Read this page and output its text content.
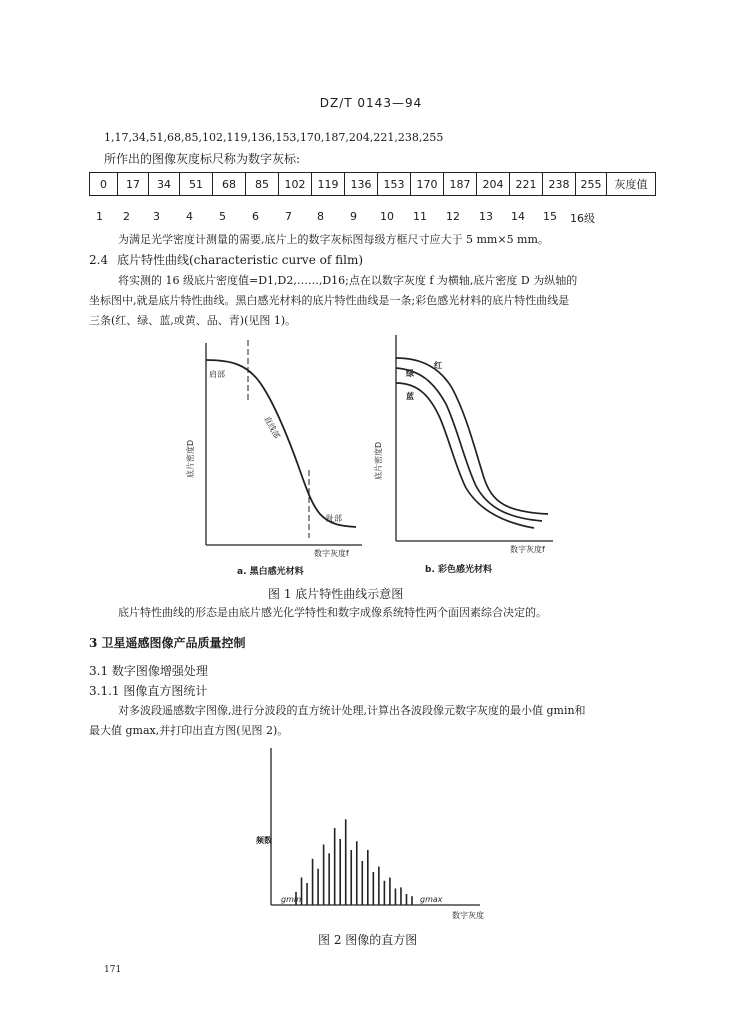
DZ/T 0143—94
1,17,34,51,68,85,102,119,136,153,170,187,204,221,238,255
所作出的图像灰度标尺称为数字灰标:
0	17	34	51	68	85	102	119	136	153	170	187	204	221	238	255	灰度值
1 2 3 4 5 6 7 8 9 10 11 12 13 14 15 16级
为满足光学密度计测量的需要,底片上的数字灰标图每级方框尺寸应大于 5 mm×5 mm。
2.4 底片特性曲线(characteristic curve of film)
将实测的 16 级底片密度值=D1,D2,……,D16;点在以数字灰度 f 为横轴,底片密度 D 为纵轴的
坐标图中,就是底片特性曲线。黑白感光材料的底片特性曲线是一条;彩色感光材料的底片特性曲线是
三条(红、绿、蓝,或黄、品、青)(见图 1)。
肩部
直线部
趾部
底片密度D
数字灰度f
a. 黑白感光材料
红
绿
蓝
底片密度D
数字灰度f
b. 彩色感光材料
图 1 底片特性曲线示意图
底片特性曲线的形态是由底片感光化学特性和数字成像系统特性两个面因素综合决定的。
3 卫星遥感图像产品质量控制
3.1 数字图像增强处理
3.1.1 图像直方图统计
对多波段遥感数字图像,进行分波段的直方统计处理,计算出各波段像元数字灰度的最小值 gmin和
最大值 gmax,并打印出直方图(见图 2)。
频数
数字灰度
gmin	gmax
图 2 图像的直方图
171
